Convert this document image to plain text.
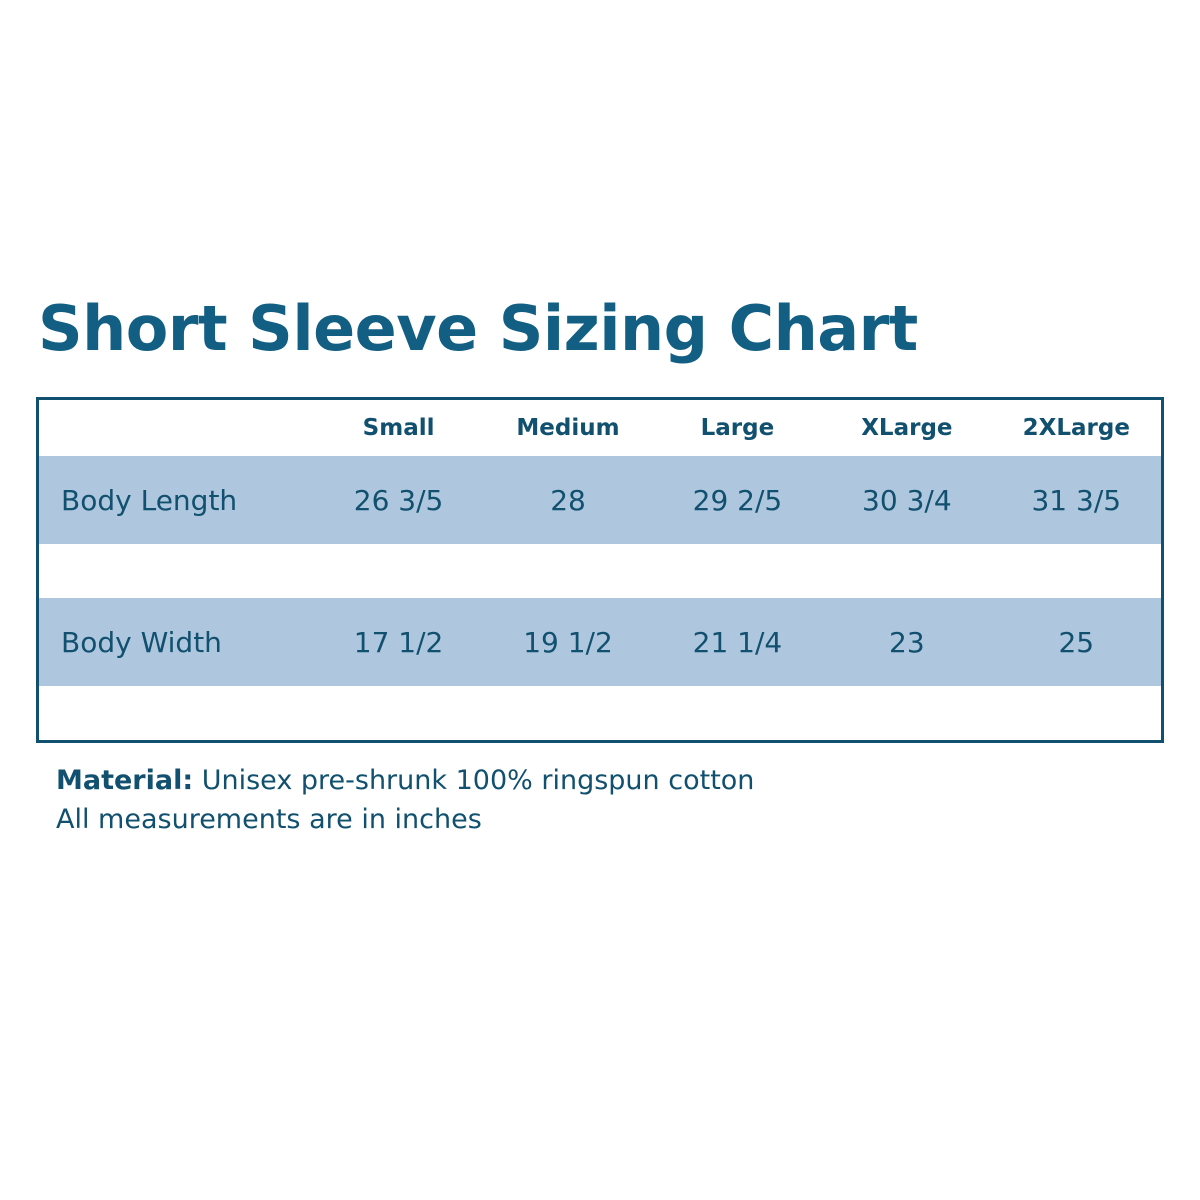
Short Sleeve Sizing Chart
	Small	Medium	Large	XLarge	2XLarge
Body Length	26 3/5	28	29 2/5	30 3/4	31 3/5

Body Width	17 1/2	19 1/2	21 1/4	23	25

Material: Unisex pre-shrunk 100% ringspun cotton
All measurements are in inches
